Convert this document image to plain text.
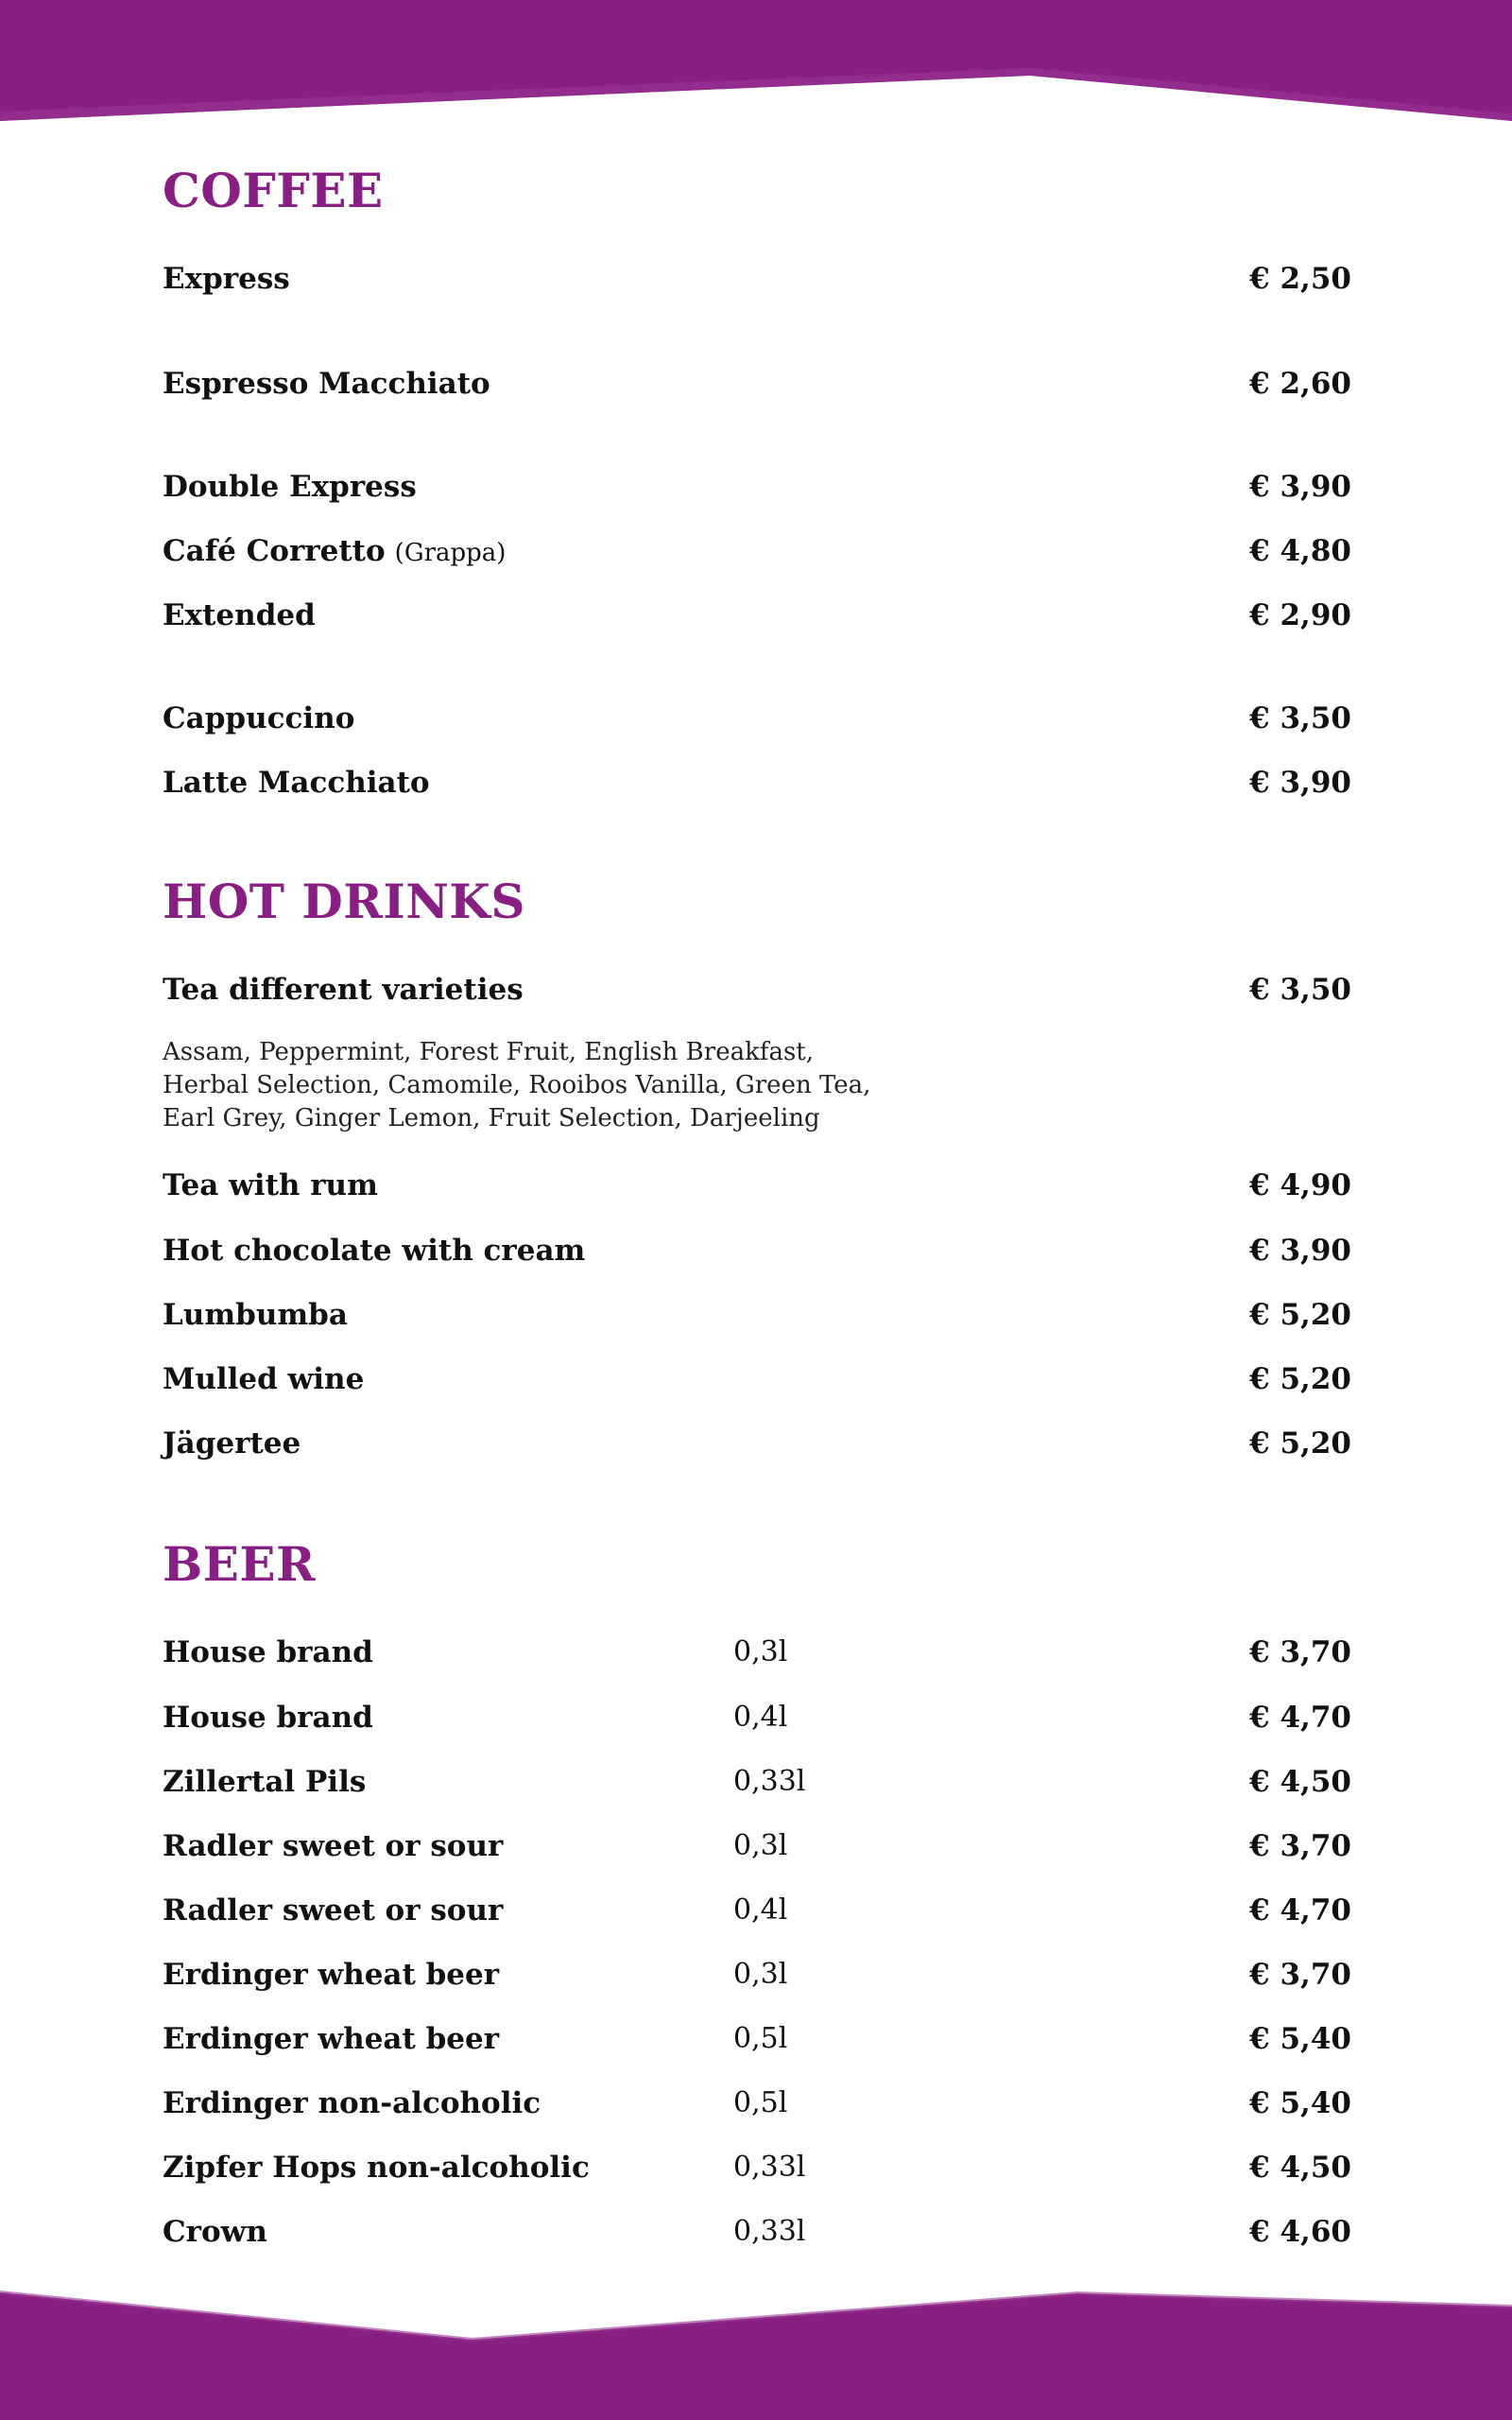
COFFEE
Express	€ 2,50
Espresso Macchiato	€ 2,60
Double Express	€ 3,90
Café Corretto (Grappa)	€ 4,80
Extended	€ 2,90
Cappuccino	€ 3,50
Latte Macchiato	€ 3,90
HOT DRINKS
Tea different varieties	€ 3,50
Assam, Peppermint, Forest Fruit, English Breakfast,
Herbal Selection, Camomile, Rooibos Vanilla, Green Tea,
Earl Grey, Ginger Lemon, Fruit Selection, Darjeeling
Tea with rum	€ 4,90
Hot chocolate with cream	€ 3,90
Lumbumba	€ 5,20
Mulled wine	€ 5,20
Jägertee	€ 5,20
BEER
House brand	0,3l	€ 3,70
House brand	0,4l	€ 4,70
Zillertal Pils	0,33l	€ 4,50
Radler sweet or sour	0,3l	€ 3,70
Radler sweet or sour	0,4l	€ 4,70
Erdinger wheat beer	0,3l	€ 3,70
Erdinger wheat beer	0,5l	€ 5,40
Erdinger non-alcoholic	0,5l	€ 5,40
Zipfer Hops non-alcoholic	0,33l	€ 4,50
Crown	0,33l	€ 4,60
